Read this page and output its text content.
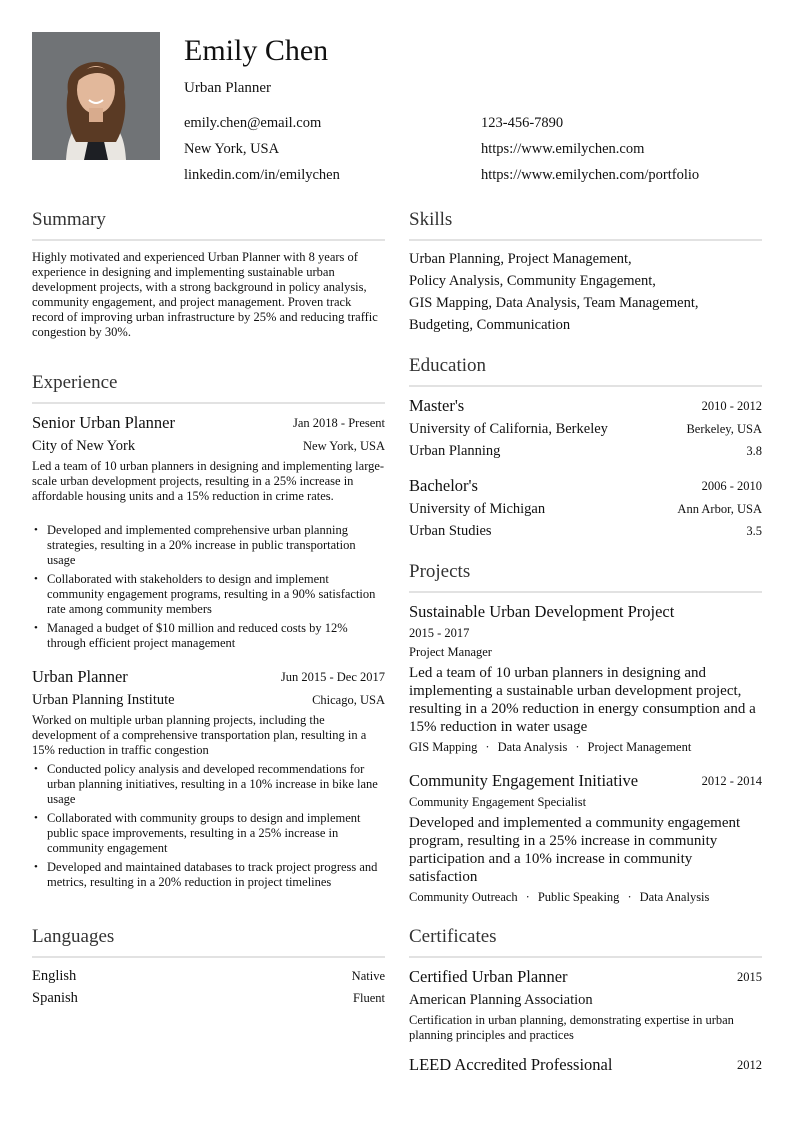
Emily Chen
Urban Planner
emily.chen@email.com	123-456-7890
New York, USA	https://www.emilychen.com
linkedin.com/in/emilychen	https://www.emilychen.com/portfolio
Summary
Highly motivated and experienced Urban Planner with 8 years of experience in designing and implementing sustainable urban development projects, with a strong background in policy analysis, community engagement, and project management. Proven track record of improving urban infrastructure by 25% and reducing traffic congestion by 30%.
Experience
Senior Urban Planner	Jan 2018 - Present
City of New York	New York, USA
Led a team of 10 urban planners in designing and implementing large-scale urban development projects, resulting in a 25% increase in affordable housing units and a 15% reduction in crime rates.
• Developed and implemented comprehensive urban planning strategies, resulting in a 20% increase in public transportation usage
• Collaborated with stakeholders to design and implement community engagement programs, resulting in a 90% satisfaction rate among community members
• Managed a budget of $10 million and reduced costs by 12% through efficient project management
Urban Planner	Jun 2015 - Dec 2017
Urban Planning Institute	Chicago, USA
Worked on multiple urban planning projects, including the development of a comprehensive transportation plan, resulting in a 15% reduction in traffic congestion
• Conducted policy analysis and developed recommendations for urban planning initiatives, resulting in a 10% increase in bike lane usage
• Collaborated with community groups to design and implement public space improvements, resulting in a 25% increase in community engagement
• Developed and maintained databases to track project progress and metrics, resulting in a 20% reduction in project timelines
Languages
English	Native
Spanish	Fluent
Skills
Urban Planning, Project Management,
Policy Analysis, Community Engagement,
GIS Mapping, Data Analysis, Team Management,
Budgeting, Communication
Education
Master's	2010 - 2012
University of California, Berkeley	Berkeley, USA
Urban Planning	3.8
Bachelor's	2006 - 2010
University of Michigan	Ann Arbor, USA
Urban Studies	3.5
Projects
Sustainable Urban Development Project
2015 - 2017
Project Manager
Led a team of 10 urban planners in designing and implementing a sustainable urban development project, resulting in a 20% reduction in energy consumption and a 15% reduction in water usage
GIS Mapping · Data Analysis · Project Management
Community Engagement Initiative	2012 - 2014
Community Engagement Specialist
Developed and implemented a community engagement program, resulting in a 25% increase in community participation and a 10% increase in community satisfaction
Community Outreach · Public Speaking · Data Analysis
Certificates
Certified Urban Planner	2015
American Planning Association
Certification in urban planning, demonstrating expertise in urban planning principles and practices
LEED Accredited Professional	2012
